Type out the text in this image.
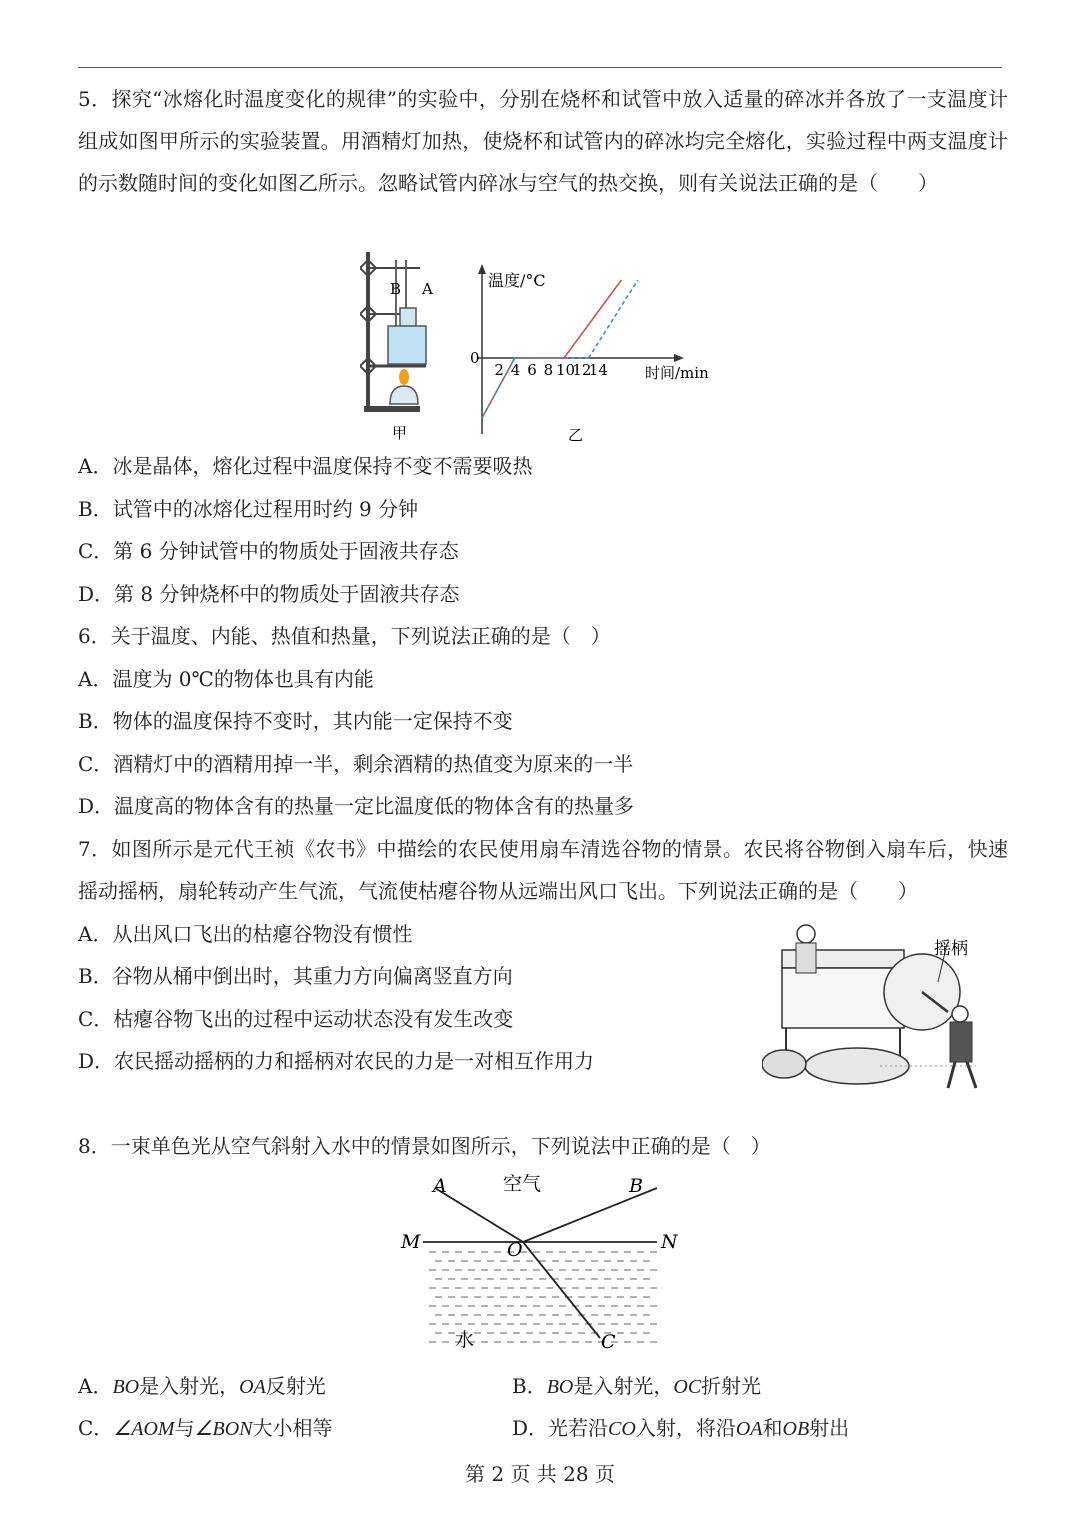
5．探究“冰熔化时温度变化的规律”的实验中，分别在烧杯和试管中放入适量的碎冰并各放了一支温度计组成如图甲所示的实验装置。用酒精灯加热，使烧杯和试管内的碎冰均完全熔化，实验过程中两支温度计的示数随时间的变化如图乙所示。忽略试管内碎冰与空气的热交换，则有关说法正确的是（　　）
B A
甲
温度/°C
时间/min
0
2 4 6 8 10
12
14
乙
A．冰是晶体，熔化过程中温度保持不变不需要吸热
B．试管中的冰熔化过程用时约 9 分钟
C．第 6 分钟试管中的物质处于固液共存态
D．第 8 分钟烧杯中的物质处于固液共存态
6．关于温度、内能、热值和热量，下列说法正确的是（　）
A．温度为 0℃的物体也具有内能
B．物体的温度保持不变时，其内能一定保持不变
C．酒精灯中的酒精用掉一半，剩余酒精的热值变为原来的一半
D．温度高的物体含有的热量一定比温度低的物体含有的热量多
7．如图所示是元代王祯《农书》中描绘的农民使用扇车清选谷物的情景。农民将谷物倒入扇车后，快速摇动摇柄，扇轮转动产生气流，气流使枯瘪谷物从远端出风口飞出。下列说法正确的是（　　）
A．从出风口飞出的枯瘪谷物没有惯性
B．谷物从桶中倒出时，其重力方向偏离竖直方向
C．枯瘪谷物飞出的过程中运动状态没有发生改变
D．农民摇动摇柄的力和摇柄对农民的力是一对相互作用力
摇柄
8．一束单色光从空气斜射入水中的情景如图所示，下列说法中正确的是（　）
A	空气	B
M	O	N
水	C
A．BO是入射光，OA反射光	B．BO是入射光，OC折射光
C．∠AOM与∠BON大小相等	D．光若沿CO入射，将沿OA和OB射出
第 2 页 共 28 页
